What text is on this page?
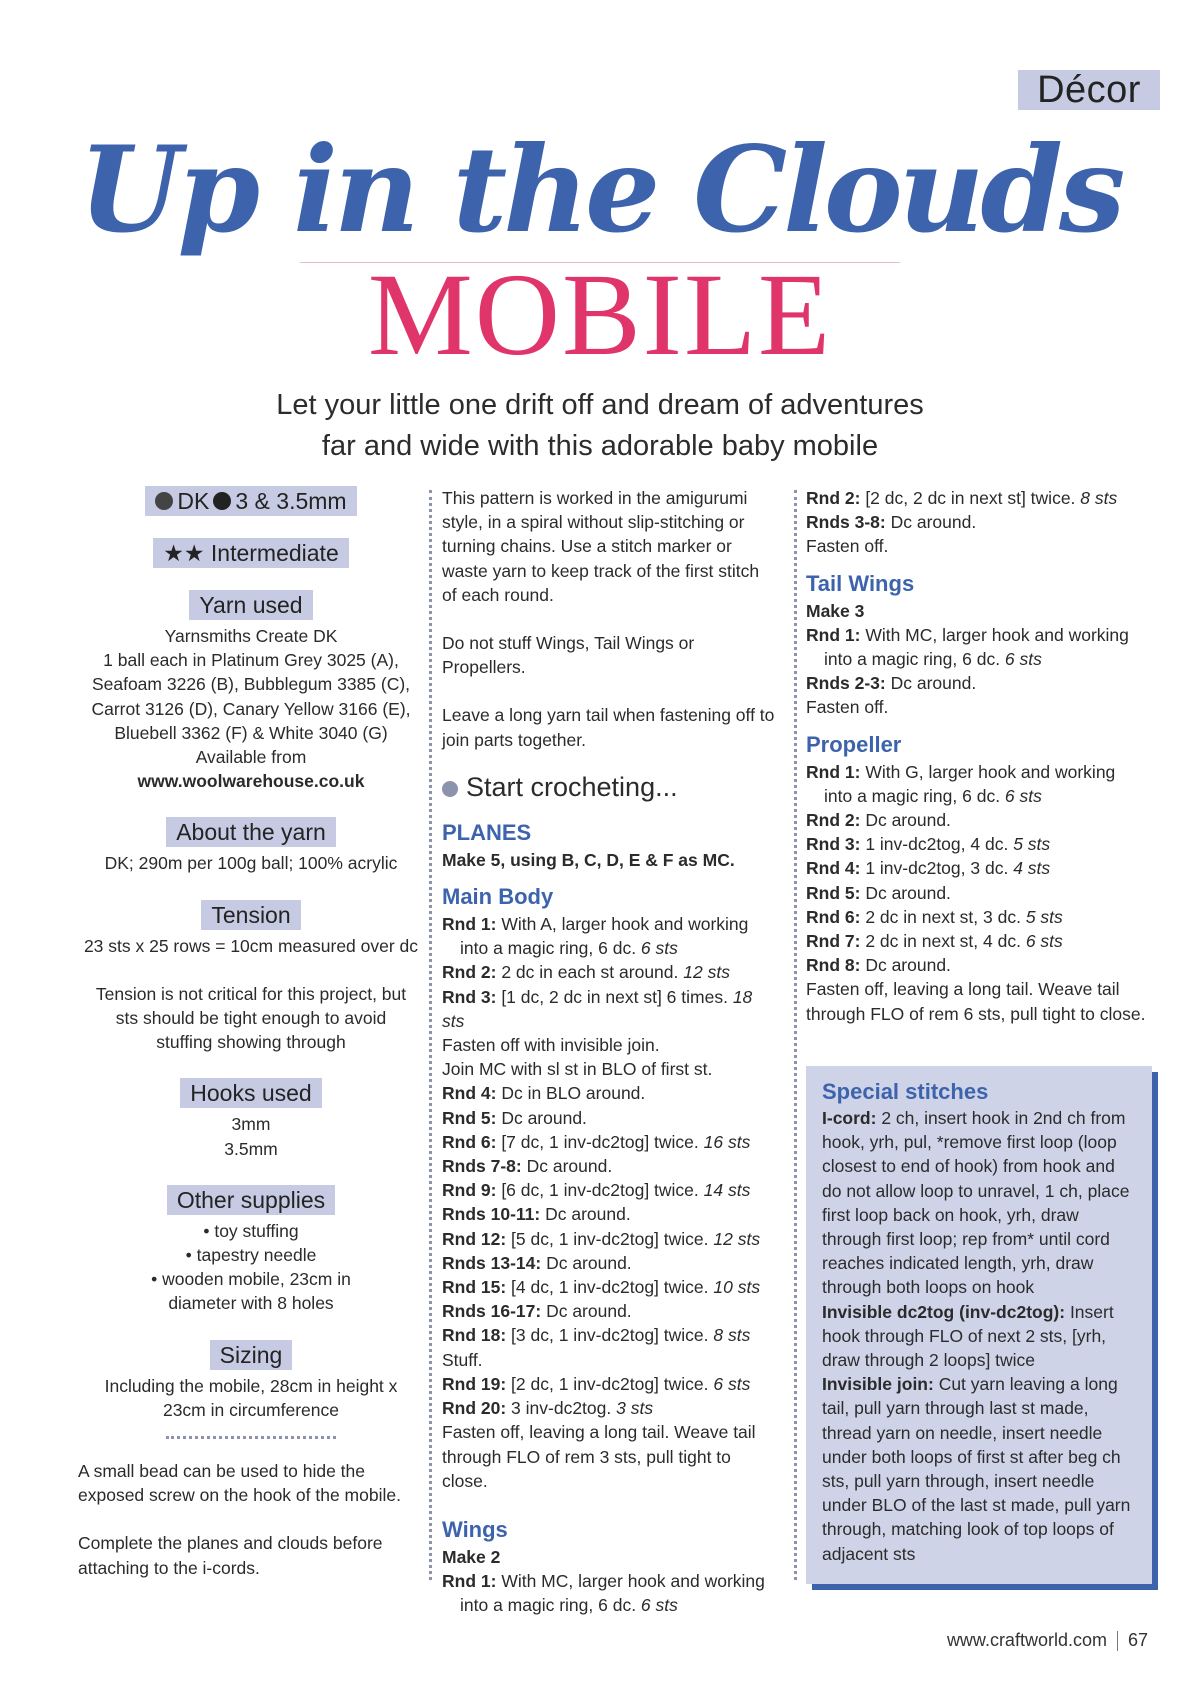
Décor
Up in the Clouds
MOBILE
Let your little one drift off and dream of adventures
far and wide with this adorable baby mobile
DK 3 & 3.5mm
★★ Intermediate
Yarn used
Yarnsmiths Create DK
1 ball each in Platinum Grey 3025 (A),
Seafoam 3226 (B), Bubblegum 3385 (C),
Carrot 3126 (D), Canary Yellow 3166 (E),
Bluebell 3362 (F) & White 3040 (G)
Available from
www.woolwarehouse.co.uk
About the yarn
DK; 290m per 100g ball; 100% acrylic
Tension
23 sts x 25 rows = 10cm measured over dc
Tension is not critical for this project, but sts should be tight enough to avoid stuffing showing through
Hooks used
3mm
3.5mm
Other supplies
• toy stuffing
• tapestry needle
• wooden mobile, 23cm in diameter with 8 holes
Sizing
Including the mobile, 28cm in height x 23cm in circumference
A small bead can be used to hide the exposed screw on the hook of the mobile.
Complete the planes and clouds before attaching to the i-cords.
This pattern is worked in the amigurumi style, in a spiral without slip-stitching or turning chains. Use a stitch marker or waste yarn to keep track of the first stitch of each round.
Do not stuff Wings, Tail Wings or Propellers.
Leave a long yarn tail when fastening off to join parts together.
Start crocheting...
PLANES
Make 5, using B, C, D, E & F as MC.
Main Body
Rnd 1: With A, larger hook and working
into a magic ring, 6 dc. 6 sts
Rnd 2: 2 dc in each st around. 12 sts
Rnd 3: [1 dc, 2 dc in next st] 6 times. 18 sts
Fasten off with invisible join.
Join MC with sl st in BLO of first st.
Rnd 4: Dc in BLO around.
Rnd 5: Dc around.
Rnd 6: [7 dc, 1 inv-dc2tog] twice. 16 sts
Rnds 7-8: Dc around.
Rnd 9: [6 dc, 1 inv-dc2tog] twice. 14 sts
Rnds 10-11: Dc around.
Rnd 12: [5 dc, 1 inv-dc2tog] twice. 12 sts
Rnds 13-14: Dc around.
Rnd 15: [4 dc, 1 inv-dc2tog] twice. 10 sts
Rnds 16-17: Dc around.
Rnd 18: [3 dc, 1 inv-dc2tog] twice. 8 sts
Stuff.
Rnd 19: [2 dc, 1 inv-dc2tog] twice. 6 sts
Rnd 20: 3 inv-dc2tog. 3 sts
Fasten off, leaving a long tail. Weave tail through FLO of rem 3 sts, pull tight to close.
Wings
Make 2
Rnd 1: With MC, larger hook and working
into a magic ring, 6 dc. 6 sts
Rnd 2: [2 dc, 2 dc in next st] twice. 8 sts
Rnds 3-8: Dc around.
Fasten off.
Tail Wings
Make 3
Rnd 1: With MC, larger hook and working
into a magic ring, 6 dc. 6 sts
Rnds 2-3: Dc around.
Fasten off.
Propeller
Rnd 1: With G, larger hook and working
into a magic ring, 6 dc. 6 sts
Rnd 2: Dc around.
Rnd 3: 1 inv-dc2tog, 4 dc. 5 sts
Rnd 4: 1 inv-dc2tog, 3 dc. 4 sts
Rnd 5: Dc around.
Rnd 6: 2 dc in next st, 3 dc. 5 sts
Rnd 7: 2 dc in next st, 4 dc. 6 sts
Rnd 8: Dc around.
Fasten off, leaving a long tail. Weave tail through FLO of rem 6 sts, pull tight to close.
Special stitches
I-cord: 2 ch, insert hook in 2nd ch from hook, yrh, pul, *remove first loop (loop closest to end of hook) from hook and do not allow loop to unravel, 1 ch, place first loop back on hook, yrh, draw through first loop; rep from* until cord reaches indicated length, yrh, draw through both loops on hook
Invisible dc2tog (inv-dc2tog): Insert hook through FLO of next 2 sts, [yrh, draw through 2 loops] twice
Invisible join: Cut yarn leaving a long tail, pull yarn through last st made, thread yarn on needle, insert needle under both loops of first st after beg ch sts, pull yarn through, insert needle under BLO of the last st made, pull yarn through, matching look of top loops of adjacent sts
www.craftworld.com 67
